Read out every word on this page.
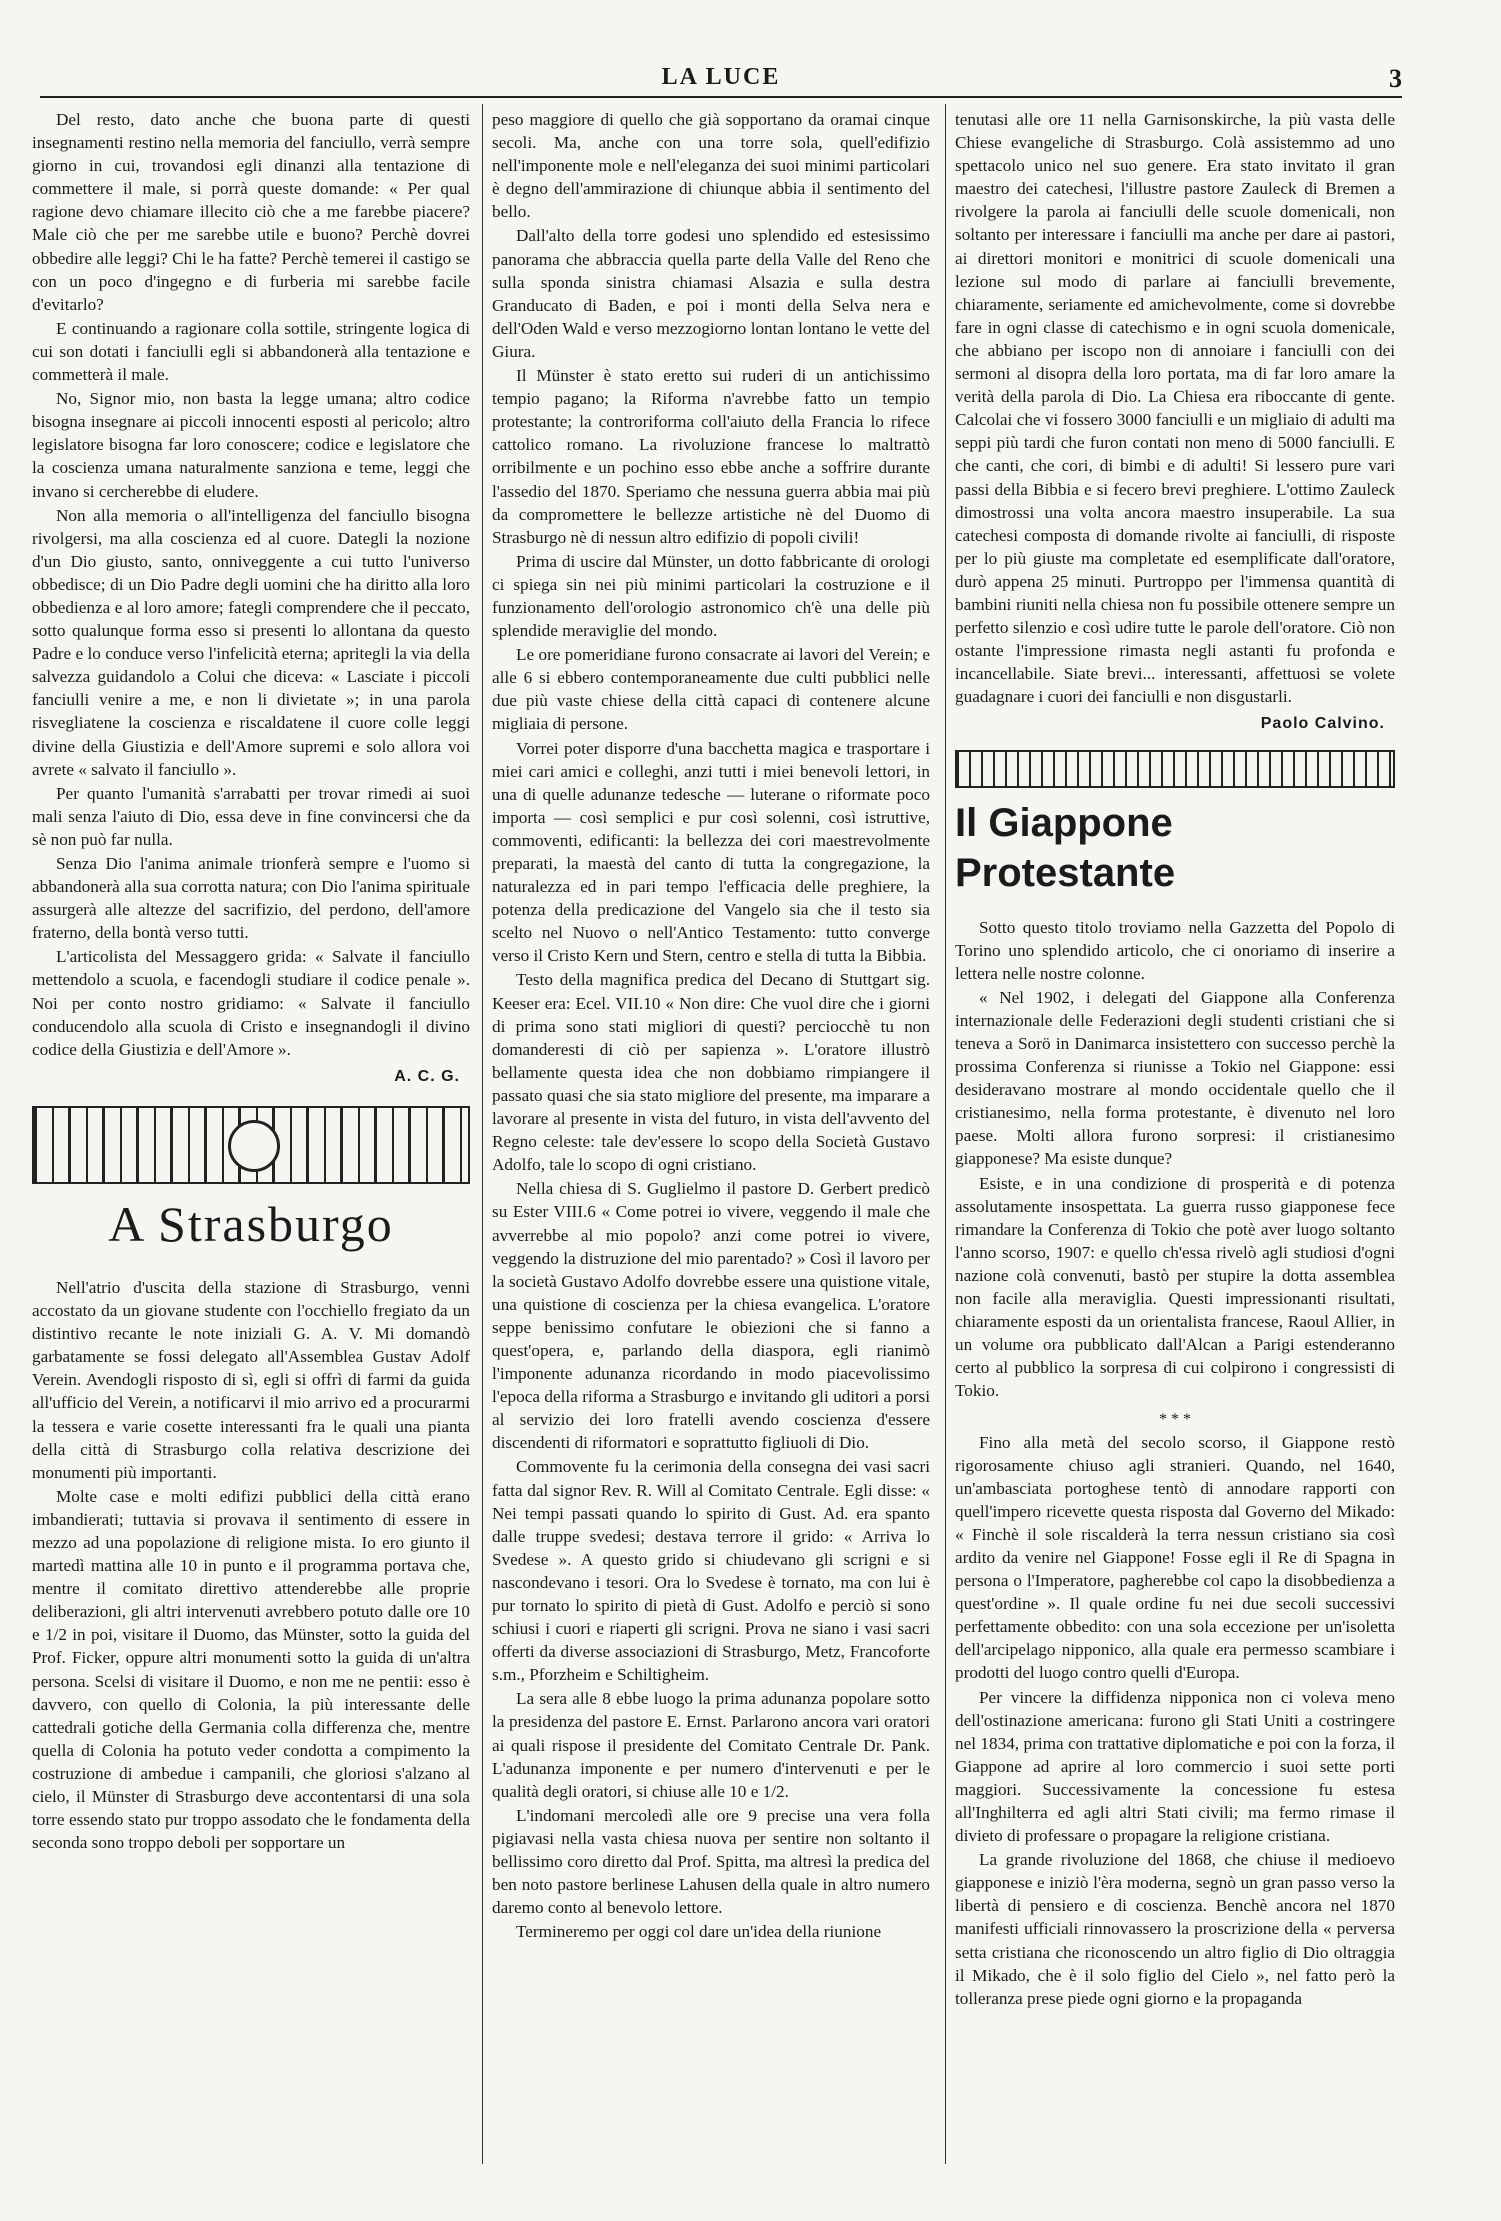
LA LUCE	3

Del resto, dato anche che buona parte di questi insegnamenti restino nella memoria del fanciullo, verrà sempre giorno in cui, trovandosi egli dinanzi alla tentazione di commettere il male, si porrà queste domande: « Per qual ragione devo chiamare illecito ciò che a me farebbe piacere? Male ciò che per me sarebbe utile e buono? Perchè dovrei obbedire alle leggi? Chi le ha fatte? Perchè temerei il castigo se con un poco d'ingegno e di furberia mi sarebbe facile d'evitarlo?

E continuando a ragionare colla sottile, stringente logica di cui son dotati i fanciulli egli si abbandonerà alla tentazione e commetterà il male.

No, Signor mio, non basta la legge umana; altro codice bisogna insegnare ai piccoli innocenti esposti al pericolo; altro legislatore bisogna far loro conoscere; codice e legislatore che la coscienza umana naturalmente sanziona e teme, leggi che invano si cercherebbe di eludere.

Non alla memoria o all'intelligenza del fanciullo bisogna rivolgersi, ma alla coscienza ed al cuore. Dategli la nozione d'un Dio giusto, santo, onniveggente a cui tutto l'universo obbedisce; di un Dio Padre degli uomini che ha diritto alla loro obbedienza e al loro amore; fategli comprendere che il peccato, sotto qualunque forma esso si presenti lo allontana da questo Padre e lo conduce verso l'infelicità eterna; apritegli la via della salvezza guidandolo a Colui che diceva: « Lasciate i piccoli fanciulli venire a me, e non li divietate »; in una parola risvegliatene la coscienza e riscaldatene il cuore colle leggi divine della Giustizia e dell'Amore supremi e solo allora voi avrete « salvato il fanciullo ».

Per quanto l'umanità s'arrabatti per trovar rimedi ai suoi mali senza l'aiuto di Dio, essa deve in fine convincersi che da sè non può far nulla.

Senza Dio l'anima animale trionferà sempre e l'uomo si abbandonerà alla sua corrotta natura; con Dio l'anima spirituale assurgerà alle altezze del sacrifizio, del perdono, dell'amore fraterno, della bontà verso tutti.

L'articolista del Messaggero grida: « Salvate il fanciullo mettendolo a scuola, e facendogli studiare il codice penale ». Noi per conto nostro gridiamo: « Salvate il fanciullo conducendolo alla scuola di Cristo e insegnandogli il divino codice della Giustizia e dell'Amore ».

A. C. G.
A Strasburgo

Nell'atrio d'uscita della stazione di Strasburgo, venni accostato da un giovane studente con l'occhiello fregiato da un distintivo recante le note iniziali G. A. V. Mi domandò garbatamente se fossi delegato all'Assemblea Gustav Adolf Verein. Avendogli risposto di sì, egli si offrì di farmi da guida all'ufficio del Verein, a notificarvi il mio arrivo ed a procurarmi la tessera e varie cosette interessanti fra le quali una pianta della città di Strasburgo colla relativa descrizione dei monumenti più importanti.

Molte case e molti edifizi pubblici della città erano imbandierati; tuttavia si provava il sentimento di essere in mezzo ad una popolazione di religione mista. Io ero giunto il martedì mattina alle 10 in punto e il programma portava che, mentre il comitato direttivo attenderebbe alle proprie deliberazioni, gli altri intervenuti avrebbero potuto dalle ore 10 e 1/2 in poi, visitare il Duomo, das Münster, sotto la guida del Prof. Ficker, oppure altri monumenti sotto la guida di un'altra persona. Scelsi di visitare il Duomo, e non me ne pentii: esso è davvero, con quello di Colonia, la più interessante delle cattedrali gotiche della Germania colla differenza che, mentre quella di Colonia ha potuto veder condotta a compimento la costruzione di ambedue i campanili, che gloriosi s'alzano al cielo, il Münster di Strasburgo deve accontentarsi di una sola torre essendo stato pur troppo assodato che le fondamenta della seconda sono troppo deboli per sopportare un

peso maggiore di quello che già sopportano da oramai cinque secoli. Ma, anche con una torre sola, quell'edifizio nell'imponente mole e nell'eleganza dei suoi minimi particolari è degno dell'ammirazione di chiunque abbia il sentimento del bello.

Dall'alto della torre godesi uno splendido ed estesissimo panorama che abbraccia quella parte della Valle del Reno che sulla sponda sinistra chiamasi Alsazia e sulla destra Granducato di Baden, e poi i monti della Selva nera e dell'Oden Wald e verso mezzogiorno lontan lontano le vette del Giura.

Il Münster è stato eretto sui ruderi di un antichissimo tempio pagano; la Riforma n'avrebbe fatto un tempio protestante; la controriforma coll'aiuto della Francia lo rifece cattolico romano. La rivoluzione francese lo maltrattò orribilmente e un pochino esso ebbe anche a soffrire durante l'assedio del 1870. Speriamo che nessuna guerra abbia mai più da compromettere le bellezze artistiche nè del Duomo di Strasburgo nè di nessun altro edifizio di popoli civili!

Prima di uscire dal Münster, un dotto fabbricante di orologi ci spiega sin nei più minimi particolari la costruzione e il funzionamento dell'orologio astronomico ch'è una delle più splendide meraviglie del mondo.

Le ore pomeridiane furono consacrate ai lavori del Verein; e alle 6 si ebbero contemporaneamente due culti pubblici nelle due più vaste chiese della città capaci di contenere alcune migliaia di persone.

Vorrei poter disporre d'una bacchetta magica e trasportare i miei cari amici e colleghi, anzi tutti i miei benevoli lettori, in una di quelle adunanze tedesche — luterane o riformate poco importa — così semplici e pur così solenni, così istruttive, commoventi, edificanti: la bellezza dei cori maestrevolmente preparati, la maestà del canto di tutta la congregazione, la naturalezza ed in pari tempo l'efficacia delle preghiere, la potenza della predicazione del Vangelo sia che il testo sia scelto nel Nuovo o nell'Antico Testamento: tutto converge verso il Cristo Kern und Stern, centro e stella di tutta la Bibbia.

Testo della magnifica predica del Decano di Stuttgart sig. Keeser era: Ecel. VII.10 « Non dire: Che vuol dire che i giorni di prima sono stati migliori di questi? perciocchè tu non domanderesti di ciò per sapienza ». L'oratore illustrò bellamente questa idea che non dobbiamo rimpiangere il passato quasi che sia stato migliore del presente, ma imparare a lavorare al presente in vista del futuro, in vista dell'avvento del Regno celeste: tale dev'essere lo scopo della Società Gustavo Adolfo, tale lo scopo di ogni cristiano.

Nella chiesa di S. Guglielmo il pastore D. Gerbert predicò su Ester VIII.6 « Come potrei io vivere, veggendo il male che avverrebbe al mio popolo? anzi come potrei io vivere, veggendo la distruzione del mio parentado? » Così il lavoro per la società Gustavo Adolfo dovrebbe essere una quistione vitale, una quistione di coscienza per la chiesa evangelica. L'oratore seppe benissimo confutare le obiezioni che si fanno a quest'opera, e, parlando della diaspora, egli rianimò l'imponente adunanza ricordando in modo piacevolissimo l'epoca della riforma a Strasburgo e invitando gli uditori a porsi al servizio dei loro fratelli avendo coscienza d'essere discendenti di riformatori e soprattutto figliuoli di Dio.

Commovente fu la cerimonia della consegna dei vasi sacri fatta dal signor Rev. R. Will al Comitato Centrale. Egli disse: « Nei tempi passati quando lo spirito di Gust. Ad. era spanto dalle truppe svedesi; destava terrore il grido: « Arriva lo Svedese ». A questo grido si chiudevano gli scrigni e si nascondevano i tesori. Ora lo Svedese è tornato, ma con lui è pur tornato lo spirito di pietà di Gust. Adolfo e perciò si sono schiusi i cuori e riaperti gli scrigni. Prova ne siano i vasi sacri offerti da diverse associazioni di Strasburgo, Metz, Francoforte s.m., Pforzheim e Schiltigheim.

La sera alle 8 ebbe luogo la prima adunanza popolare sotto la presidenza del pastore E. Ernst. Parlarono ancora vari oratori ai quali rispose il presidente del Comitato Centrale Dr. Pank. L'adunanza imponente e per numero d'intervenuti e per le qualità degli oratori, si chiuse alle 10 e 1/2.

L'indomani mercoledì alle ore 9 precise una vera folla pigiavasi nella vasta chiesa nuova per sentire non soltanto il bellissimo coro diretto dal Prof. Spitta, ma altresì la predica del ben noto pastore berlinese Lahusen della quale in altro numero daremo conto al benevolo lettore.

Termineremo per oggi col dare un'idea della riunione

tenutasi alle ore 11 nella Garnisonskirche, la più vasta delle Chiese evangeliche di Strasburgo. Colà assistemmo ad uno spettacolo unico nel suo genere. Era stato invitato il gran maestro dei catechesi, l'illustre pastore Zauleck di Bremen a rivolgere la parola ai fanciulli delle scuole domenicali, non soltanto per interessare i fanciulli ma anche per dare ai pastori, ai direttori monitori e monitrici di scuole domenicali una lezione sul modo di parlare ai fanciulli brevemente, chiaramente, seriamente ed amichevolmente, come si dovrebbe fare in ogni classe di catechismo e in ogni scuola domenicale, che abbiano per iscopo non di annoiare i fanciulli con dei sermoni al disopra della loro portata, ma di far loro amare la verità della parola di Dio. La Chiesa era riboccante di gente. Calcolai che vi fossero 3000 fanciulli e un migliaio di adulti ma seppi più tardi che furon contati non meno di 5000 fanciulli. E che canti, che cori, di bimbi e di adulti! Si lessero pure vari passi della Bibbia e si fecero brevi preghiere. L'ottimo Zauleck dimostrossi una volta ancora maestro insuperabile. La sua catechesi composta di domande rivolte ai fanciulli, di risposte per lo più giuste ma completate ed esemplificate dall'oratore, durò appena 25 minuti. Purtroppo per l'immensa quantità di bambini riuniti nella chiesa non fu possibile ottenere sempre un perfetto silenzio e così udire tutte le parole dell'oratore. Ciò non ostante l'impressione rimasta negli astanti fu profonda e incancellabile. Siate brevi... interessanti, affettuosi se volete guadagnare i cuori dei fanciulli e non disgustarli.

Paolo Calvino.
Il Giappone Protestante

Sotto questo titolo troviamo nella Gazzetta del Popolo di Torino uno splendido articolo, che ci onoriamo di inserire a lettera nelle nostre colonne.

« Nel 1902, i delegati del Giappone alla Conferenza internazionale delle Federazioni degli studenti cristiani che si teneva a Sorö in Danimarca insistettero con successo perchè la prossima Conferenza si riunisse a Tokio nel Giappone: essi desideravano mostrare al mondo occidentale quello che il cristianesimo, nella forma protestante, è divenuto nel loro paese. Molti allora furono sorpresi: il cristianesimo giapponese? Ma esiste dunque?

Esiste, e in una condizione di prosperità e di potenza assolutamente insospettata. La guerra russo giapponese fece rimandare la Conferenza di Tokio che potè aver luogo soltanto l'anno scorso, 1907: e quello ch'essa rivelò agli studiosi d'ogni nazione colà convenuti, bastò per stupire la dotta assemblea non facile alla meraviglia. Questi impressionanti risultati, chiaramente esposti da un orientalista francese, Raoul Allier, in un volume ora pubblicato dall'Alcan a Parigi estenderanno certo al pubblico la sorpresa di cui colpirono i congressisti di Tokio.

* * *

Fino alla metà del secolo scorso, il Giappone restò rigorosamente chiuso agli stranieri. Quando, nel 1640, un'ambasciata portoghese tentò di annodare rapporti con quell'impero ricevette questa risposta dal Governo del Mikado: « Finchè il sole riscalderà la terra nessun cristiano sia così ardito da venire nel Giappone! Fosse egli il Re di Spagna in persona o l'Imperatore, pagherebbe col capo la disobbedienza a quest'ordine ». Il quale ordine fu nei due secoli successivi perfettamente obbedito: con una sola eccezione per un'isoletta dell'arcipelago nipponico, alla quale era permesso scambiare i prodotti del luogo contro quelli d'Europa.

Per vincere la diffidenza nipponica non ci voleva meno dell'ostinazione americana: furono gli Stati Uniti a costringere nel 1834, prima con trattative diplomatiche e poi con la forza, il Giappone ad aprire al loro commercio i suoi sette porti maggiori. Successivamente la concessione fu estesa all'Inghilterra ed agli altri Stati civili; ma fermo rimase il divieto di professare o propagare la religione cristiana.

La grande rivoluzione del 1868, che chiuse il medioevo giapponese e iniziò l'èra moderna, segnò un gran passo verso la libertà di pensiero e di coscienza. Benchè ancora nel 1870 manifesti ufficiali rinnovassero la proscrizione della « perversa setta cristiana che riconoscendo un altro figlio di Dio oltraggia il Mikado, che è il solo figlio del Cielo », nel fatto però la tolleranza prese piede ogni giorno e la propaganda
